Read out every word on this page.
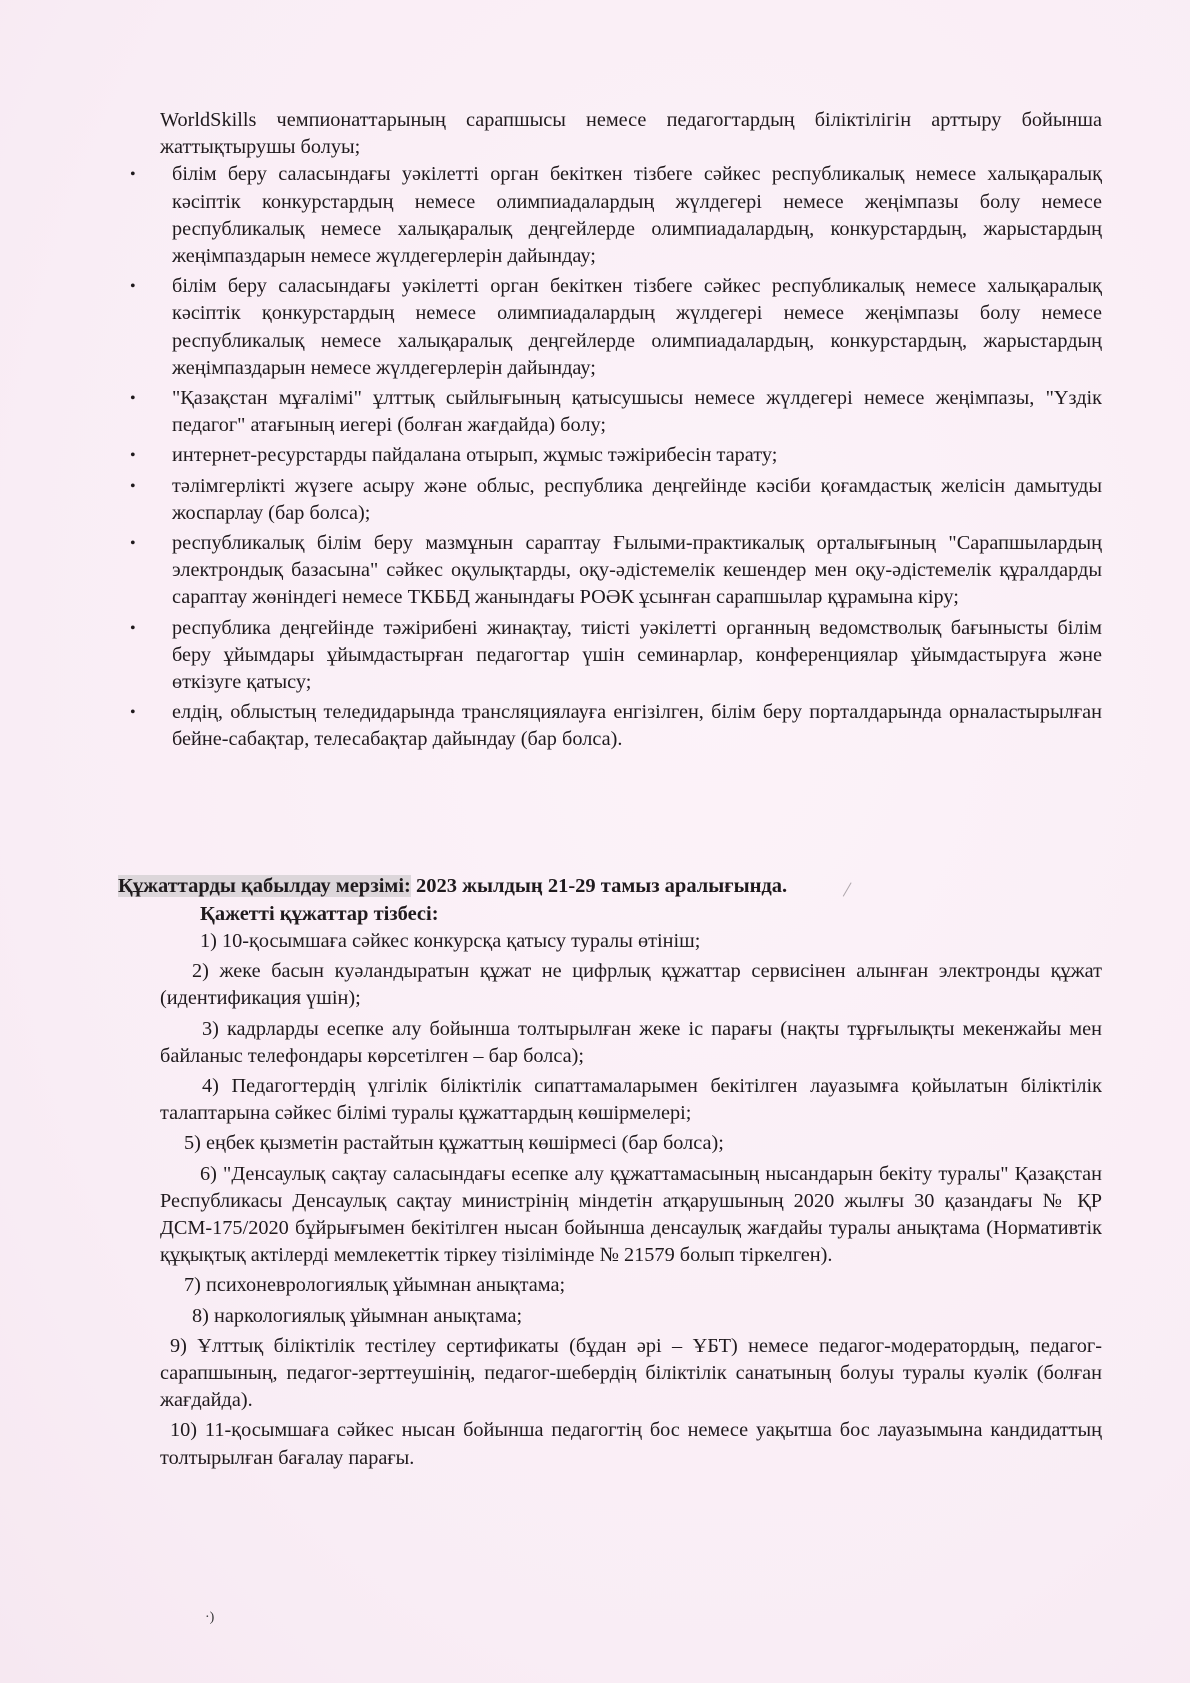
WorldSkills чемпионаттарының сарапшысы немесе педагогтардың біліктілігін арттыру бойынша жаттықтырушы болуы;

• білім беру саласындағы уәкілетті орган бекіткен тізбеге сәйкес республикалық немесе халықаралық кәсіптік конкурстардың немесе олимпиадалардың жүлдегері немесе жеңімпазы болу немесе республикалық немесе халықаралық деңгейлерде олимпиадалардың, конкурстардың, жарыстардың жеңімпаздарын немесе жүлдегерлерін дайындау;
• білім беру саласындағы уәкілетті орган бекіткен тізбеге сәйкес республикалық немесе халықаралық кәсіптік қонкурстардың немесе олимпиадалардың жүлдегері немесе жеңімпазы болу немесе республикалық немесе халықаралық деңгейлерде олимпиадалардың, конкурстардың, жарыстардың жеңімпаздарын немесе жүлдегерлерін дайындау;
• "Қазақстан мұғалімі" ұлттық сыйлығының қатысушысы немесе жүлдегері немесе жеңімпазы, "Үздік педагог" атағының иегері (болған жағдайда) болу;
• интернет-ресурстарды пайдалана отырып, жұмыс тәжірибесін тарату;
• тәлімгерлікті жүзеге асыру және облыс, республика деңгейінде кәсіби қоғамдастық желісін дамытуды жоспарлау (бар болса);
• республикалық білім беру мазмұнын сараптау Ғылыми-практикалық орталығының "Сарапшылардың электрондық базасына" сәйкес оқулықтарды, оқу-әдістемелік кешендер мен оқу-әдістемелік құралдарды сараптау жөніндегі немесе ТКББД жанындағы РОӘК ұсынған сарапшылар құрамына кіру;
• республика деңгейінде тәжірибені жинақтау, тиісті уәкілетті органның ведомстволық бағынысты білім беру ұйымдары ұйымдастырған педагогтар үшін семинарлар, конференциялар ұйымдастыруға және өткізуге қатысу;
• елдің, облыстың теледидарында трансляциялауға енгізілген, білім беру порталдарында орналастырылған бейне-сабақтар, телесабақтар дайындау (бар болса).
Құжаттарды қабылдау мерзімі: 2023 жылдың 21-29 тамыз аралығында.
Қажетті құжаттар тізбесі:

1) 10-қосымшаға сәйкес конкурсқа қатысу туралы өтініш;

2) жеке басын куәландыратын құжат не цифрлық құжаттар сервисінен алынған электронды құжат (идентификация үшін);

3) кадрларды есепке алу бойынша толтырылған жеке іс парағы (нақты тұрғылықты мекенжайы мен байланыс телефондары көрсетілген – бар болса);

4) Педагогтердің үлгілік біліктілік сипаттамаларымен бекітілген лауазымға қойылатын біліктілік талаптарына сәйкес білімі туралы құжаттардың көшірмелері;

5) еңбек қызметін растайтын құжаттың көшірмесі (бар болса);

6) "Денсаулық сақтау саласындағы есепке алу құжаттамасының нысандарын бекіту туралы" Қазақстан Республикасы Денсаулық сақтау министрінің міндетін атқарушының 2020 жылғы 30 қазандағы № ҚР ДСМ-175/2020 бұйрығымен бекітілген нысан бойынша денсаулық жағдайы туралы анықтама (Нормативтік құқықтық актілерді мемлекеттік тіркеу тізілімінде № 21579 болып тіркелген).

7) психоневрологиялық ұйымнан анықтама;

8) наркологиялық ұйымнан анықтама;

9) Ұлттық біліктілік тестілеу сертификаты (бұдан әрі – ҰБТ) немесе педагог-модератордың, педагог-сарапшының, педагог-зерттеушінің, педагог-шебердің біліктілік санатының болуы туралы куәлік (болған жағдайда).

10) 11-қосымшаға сәйкес нысан бойынша педагогтің бос немесе уақытша бос лауазымына кандидаттың толтырылған бағалау парағы.

·)
